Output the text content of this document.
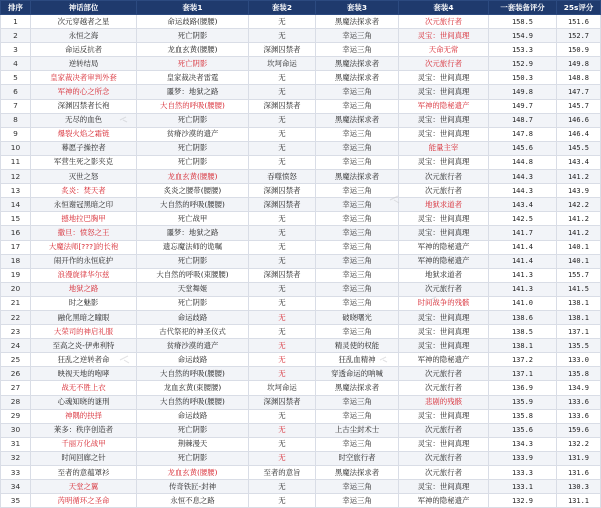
排序	神话部位	套装1	套装2	套装3	套装4	一套装备评分	25s评分
1	次元穿越者之星	命运歧路(腰腰)	无	黑魔法探求者	次元旅行者	158.5	151.6
2	永恒之海	死亡阴影	无	幸运三角	灵宝：世间真理	154.9	152.7
3	命运反抗者	龙血玄黄(腰腰)	深渊囚禁者	幸运三角	天命无常	153.3	150.9
4	逆转结局	死亡阴影	坎坷命运	黑魔法探求者	次元旅行者	152.9	149.8
5	皇家裁决者审判外套	皇家裁决者雷霆	无	黑魔法探求者	灵宝：世间真理	150.3	148.8
6	军神的心之所念	噩梦：地狱之路	无	幸运三角	灵宝：世间真理	149.8	147.7
7	深渊囚禁者长袍	大自然的呼吸(腰腰)	深渊囚禁者	幸运三角	军神的隐秘遗产	149.7	145.7
8	无尽的血色	死亡阴影	无	黑魔法探求者	灵宝：世间真理	148.7	146.6
9	爆裂火焰之霜链	贫瘠沙漠的遗产	无	幸运三角	灵宝：世间真理	147.8	146.4
10	幕愿子操控者	死亡阴影	无	幸运三角	能量主宰	145.6	145.5
11	军营生死之影夹克	死亡阴影	无	幸运三角	灵宝：世间真理	144.8	143.4
12	灭世之怒	龙血玄黄(腰腰)	吞噬愤怒	黑魔法探求者	次元旅行者	144.3	141.2
13	炙炎：焚天者	炙炎之腰带(腰腰)	深渊囚禁者	幸运三角	次元旅行者	144.3	143.9
14	永恒谢冠黑暗之印	大自然的呼吸(腰腰)	深渊囚禁者	幸运三角	地狱求道者	143.4	142.2
15	撼地拉巴胸甲	死亡战甲	无	幸运三角	灵宝：世间真理	142.5	141.2
16	撒旦：愤怒之王	噩梦：地狱之路	无	幸运三角	灵宝：世间真理	141.7	141.2
17	大魔法师[???]的长袍	遗忘魔法师的诡嘱	无	幸运三角	军神的隐秘遗产	141.4	140.1
18	闹开作的永恒庇护	死亡阴影	无	幸运三角	军神的隐秘遗产	141.4	140.1
19	浪漫旋律华尔兹	大自然的呼吸(束腰腰)	深渊囚禁者	幸运三角	地狱求道者	141.3	155.7
20	地狱之路	天堂舞姬	无	幸运三角	次元旅行者	141.3	141.5
21	时之魅影	死亡阴影	无	幸运三角	时间战争的残骸	141.0	138.1
22	融化黑暗之瞳眼	命运歧路	无	破晓曙光	灵宝：世间真理	138.6	138.1
23	大荣司的神启礼服	古代祭祀的神圣仪式	无	幸运三角	灵宝：世间真理	138.5	137.1
24	至高之炎-伊弗利特	贫瘠沙漠的遗产	无	精灵使的权能	灵宝：世间真理	138.1	135.5
25	狂乱之逆转者命	命运歧路	无	狂乱血精神	军神的隐秘遗产	137.2	133.0
26	映视天地的咆哮	大自然的呼吸(腰腰)	无	穿透命运的呐喊	次元旅行者	137.1	135.8
27	战无不胜上衣	龙血玄黄(束腰腰)	坎坷命运	黑魔法探求者	次元旅行者	136.9	134.9
28	心魂知晓的谜刑	大自然的呼吸(腰腰)	深渊囚禁者	幸运三角	悲剧的残骸	135.9	133.6
29	神隅的抉择	命运歧路	无	幸运三角	灵宝：世间真理	135.8	133.6
30	莱多：秩序创造者	死亡阴影	无	上古尘封术士	次元旅行者	135.6	159.6
31	千丽万化战甲	荆棘漫天	无	幸运三角	灵宝：世间真理	134.3	132.2
32	时间回廊之针	死亡阴影	无	时空旅行者	次元旅行者	133.9	131.9
33	至者的意蕴罩衫	龙血玄黄(腰腰)	至者的意旨	黑魔法探求者	次元旅行者	133.3	131.6
34	天堂之翼	传奇铁匠-封神	无	幸运三角	灵宝：世间真理	133.1	130.3
35	芮明循环之圣命	永恒不息之路	无	幸运三角	军神的隐秘遗产	132.9	131.1
